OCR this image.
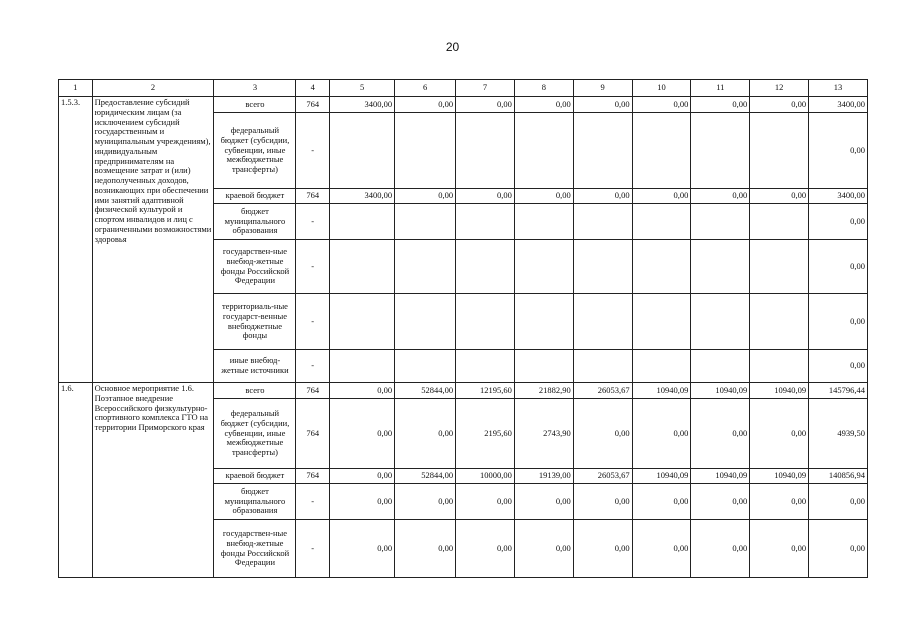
20
1	2	3	4	5	6	7	8	9	10	11	12	13
1.5.3.	Предоставление субсидий юридическим лицам (за исключением субсидий государственным и муниципальным учреждениям), индивидуальным предпринимателям на возмещение затрат и (или) недополученных доходов, возникающих при обеспечении ими занятий адаптивной физической культурой и спортом инвалидов и лиц с ограниченными возможностями здоровья	всего	764	3400,00	0,00	0,00	0,00	0,00	0,00	0,00	0,00	3400,00
		федеральный бюджет (субсидии, субвенции, иные межбюджетные трансферты)	-									0,00
		краевой бюджет	764	3400,00	0,00	0,00	0,00	0,00	0,00	0,00	0,00	3400,00
		бюджет муниципального образования	-									0,00
		государствен-ные внебюд-жетные фонды Российской Федерации	-									0,00
		территориаль-ные государст-венные внебюджетные фонды	-									0,00
		иные внебюд-жетные источники	-									0,00
1.6.	Основное мероприятие 1.6. Поэтапное внедрение Всероссийского физкультурно-спортивного комплекса ГТО на территории Приморского края	всего	764	0,00	52844,00	12195,60	21882,90	26053,67	10940,09	10940,09	10940,09	145796,44
		федеральный бюджет (субсидии, субвенции, иные межбюджетные трансферты)	764	0,00	0,00	2195,60	2743,90	0,00	0,00	0,00	0,00	4939,50
		краевой бюджет	764	0,00	52844,00	10000,00	19139,00	26053,67	10940,09	10940,09	10940,09	140856,94
		бюджет муниципального образования	-	0,00	0,00	0,00	0,00	0,00	0,00	0,00	0,00	0,00
		государствен-ные внебюд-жетные фонды Российской Федерации	-	0,00	0,00	0,00	0,00	0,00	0,00	0,00	0,00	0,00
